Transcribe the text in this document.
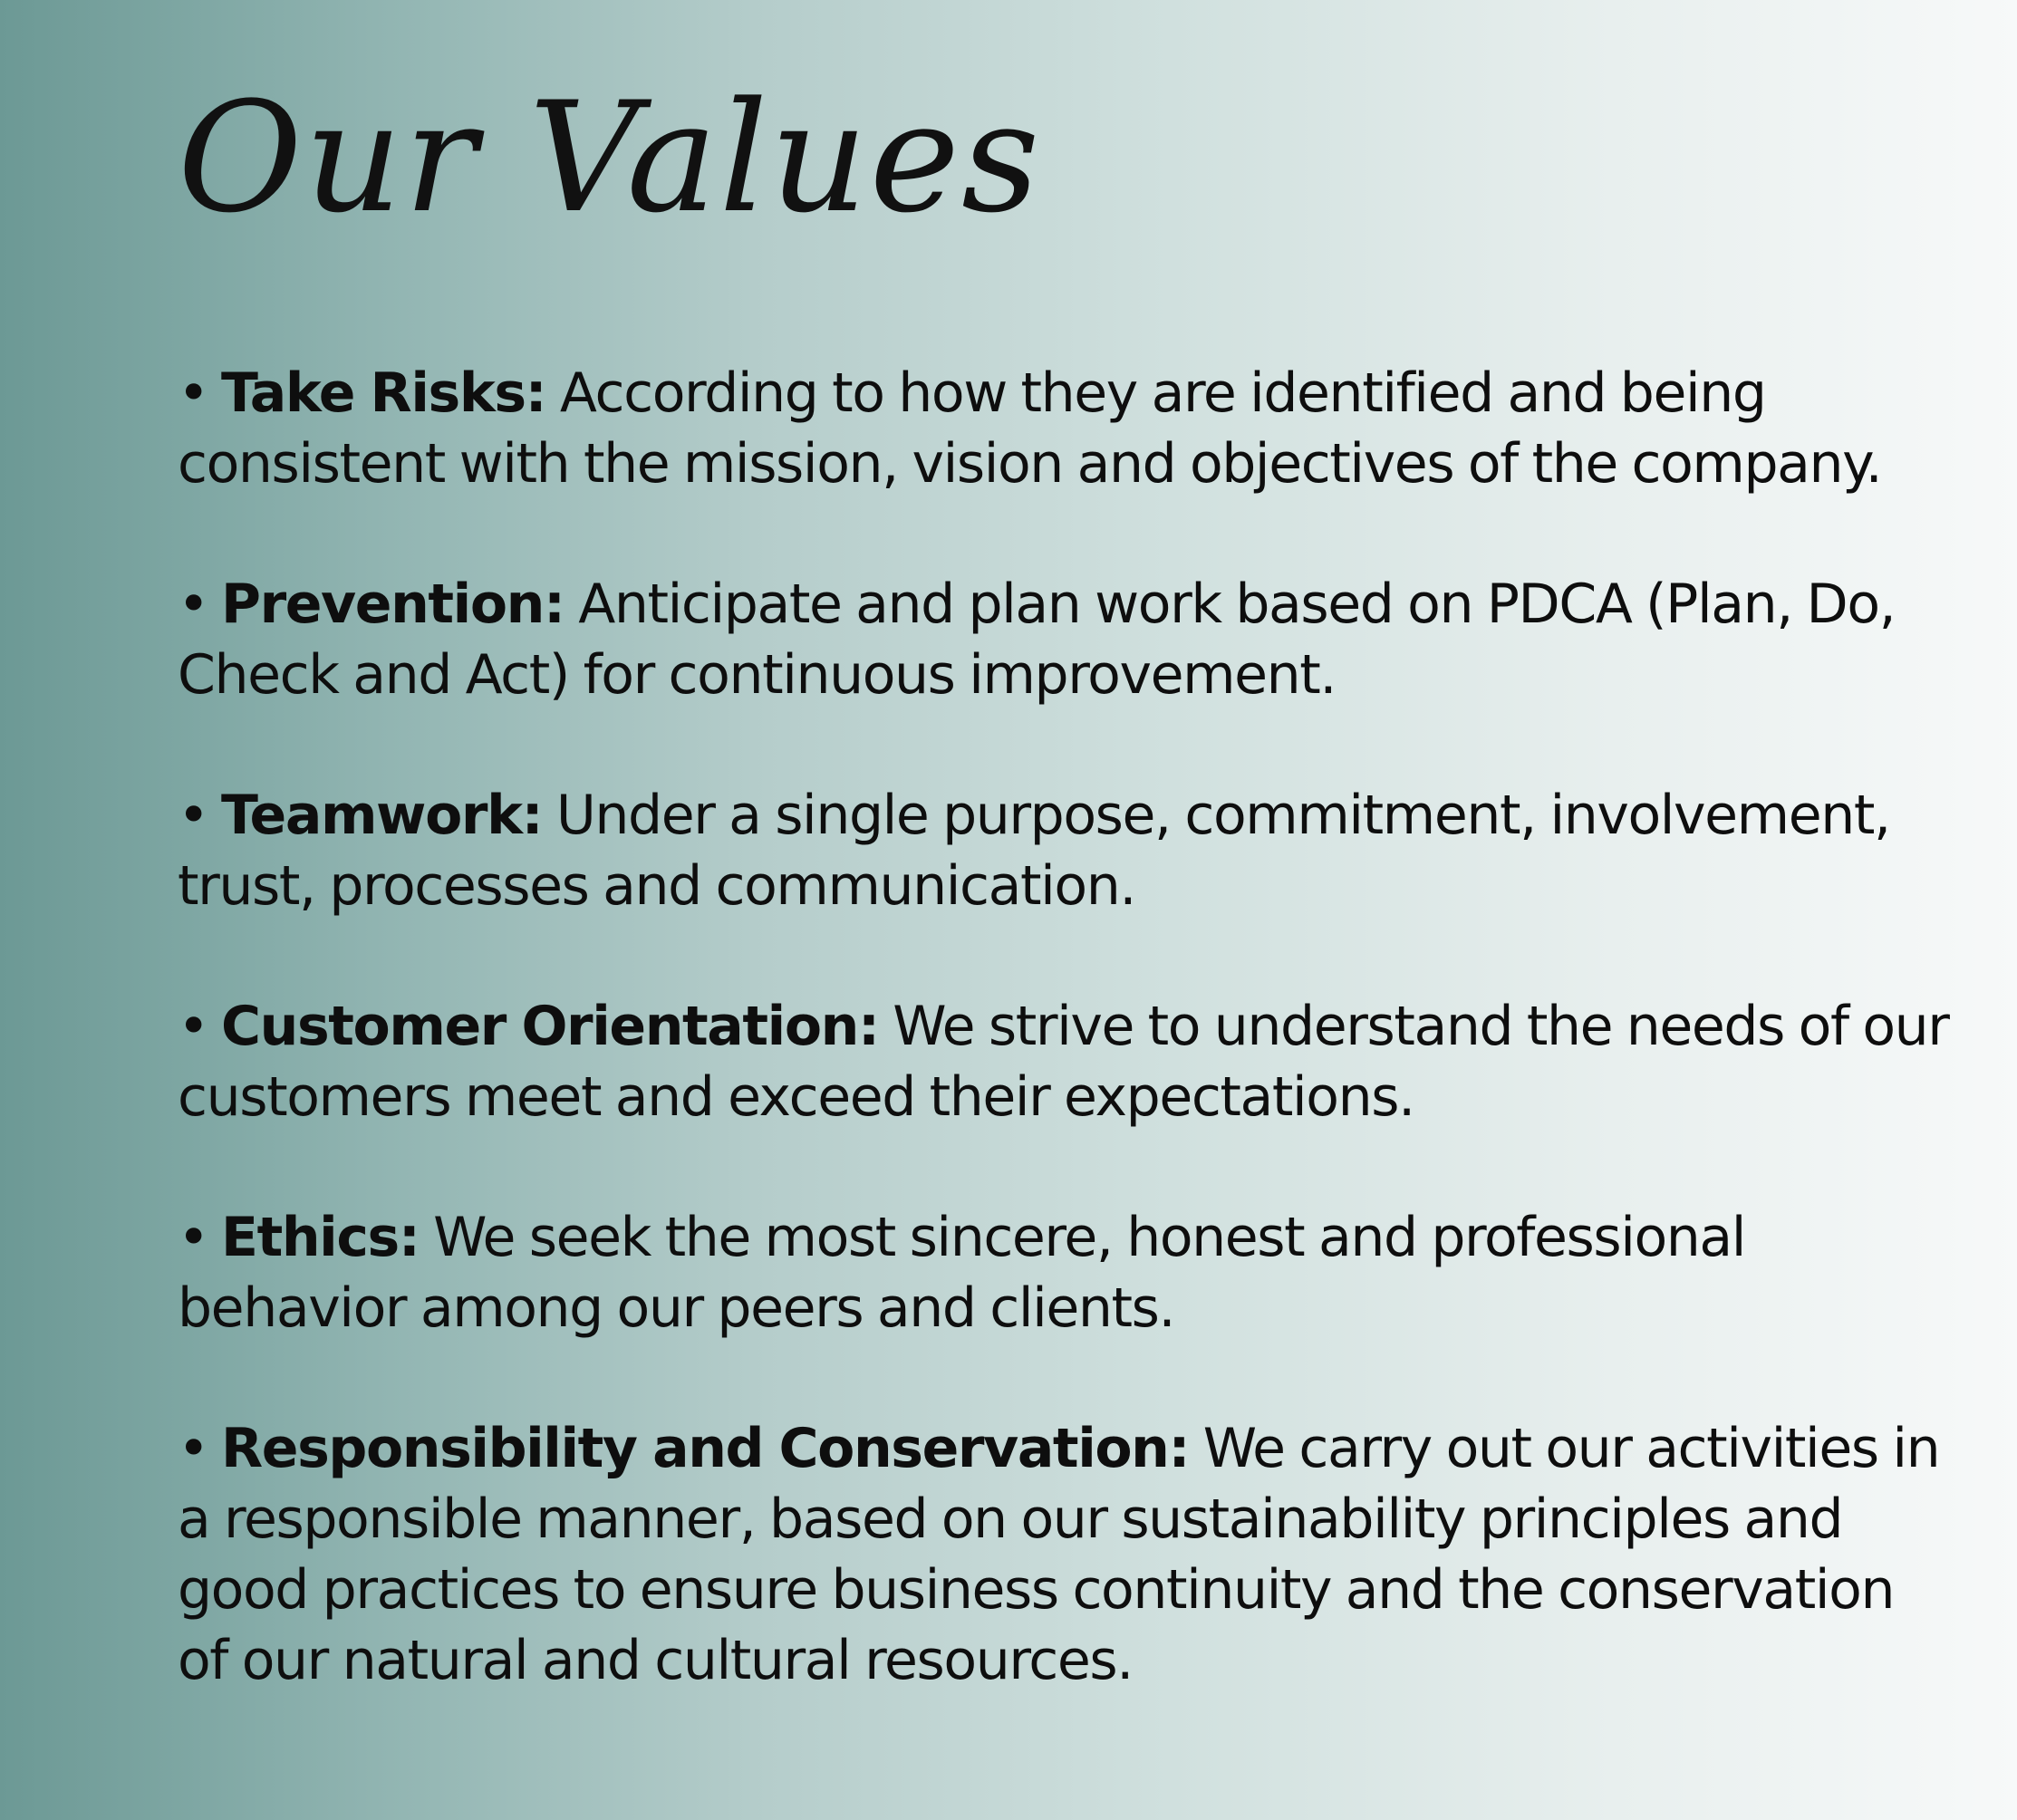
Our Values

• Take Risks: According to how they are identified and being consistent with the mission, vision and objectives of the company.

• Prevention: Anticipate and plan work based on PDCA (Plan, Do, Check and Act) for continuous improvement.

• Teamwork: Under a single purpose, commitment, involvement, trust, processes and communication.

• Customer Orientation: We strive to understand the needs of our customers meet and exceed their expectations.

• Ethics: We seek the most sincere, honest and professional behavior among our peers and clients.

• Responsibility and Conservation: We carry out our activities in a responsible manner, based on our sustainability principles and good practices to ensure business continuity and the conservation of our natural and cultural resources.
